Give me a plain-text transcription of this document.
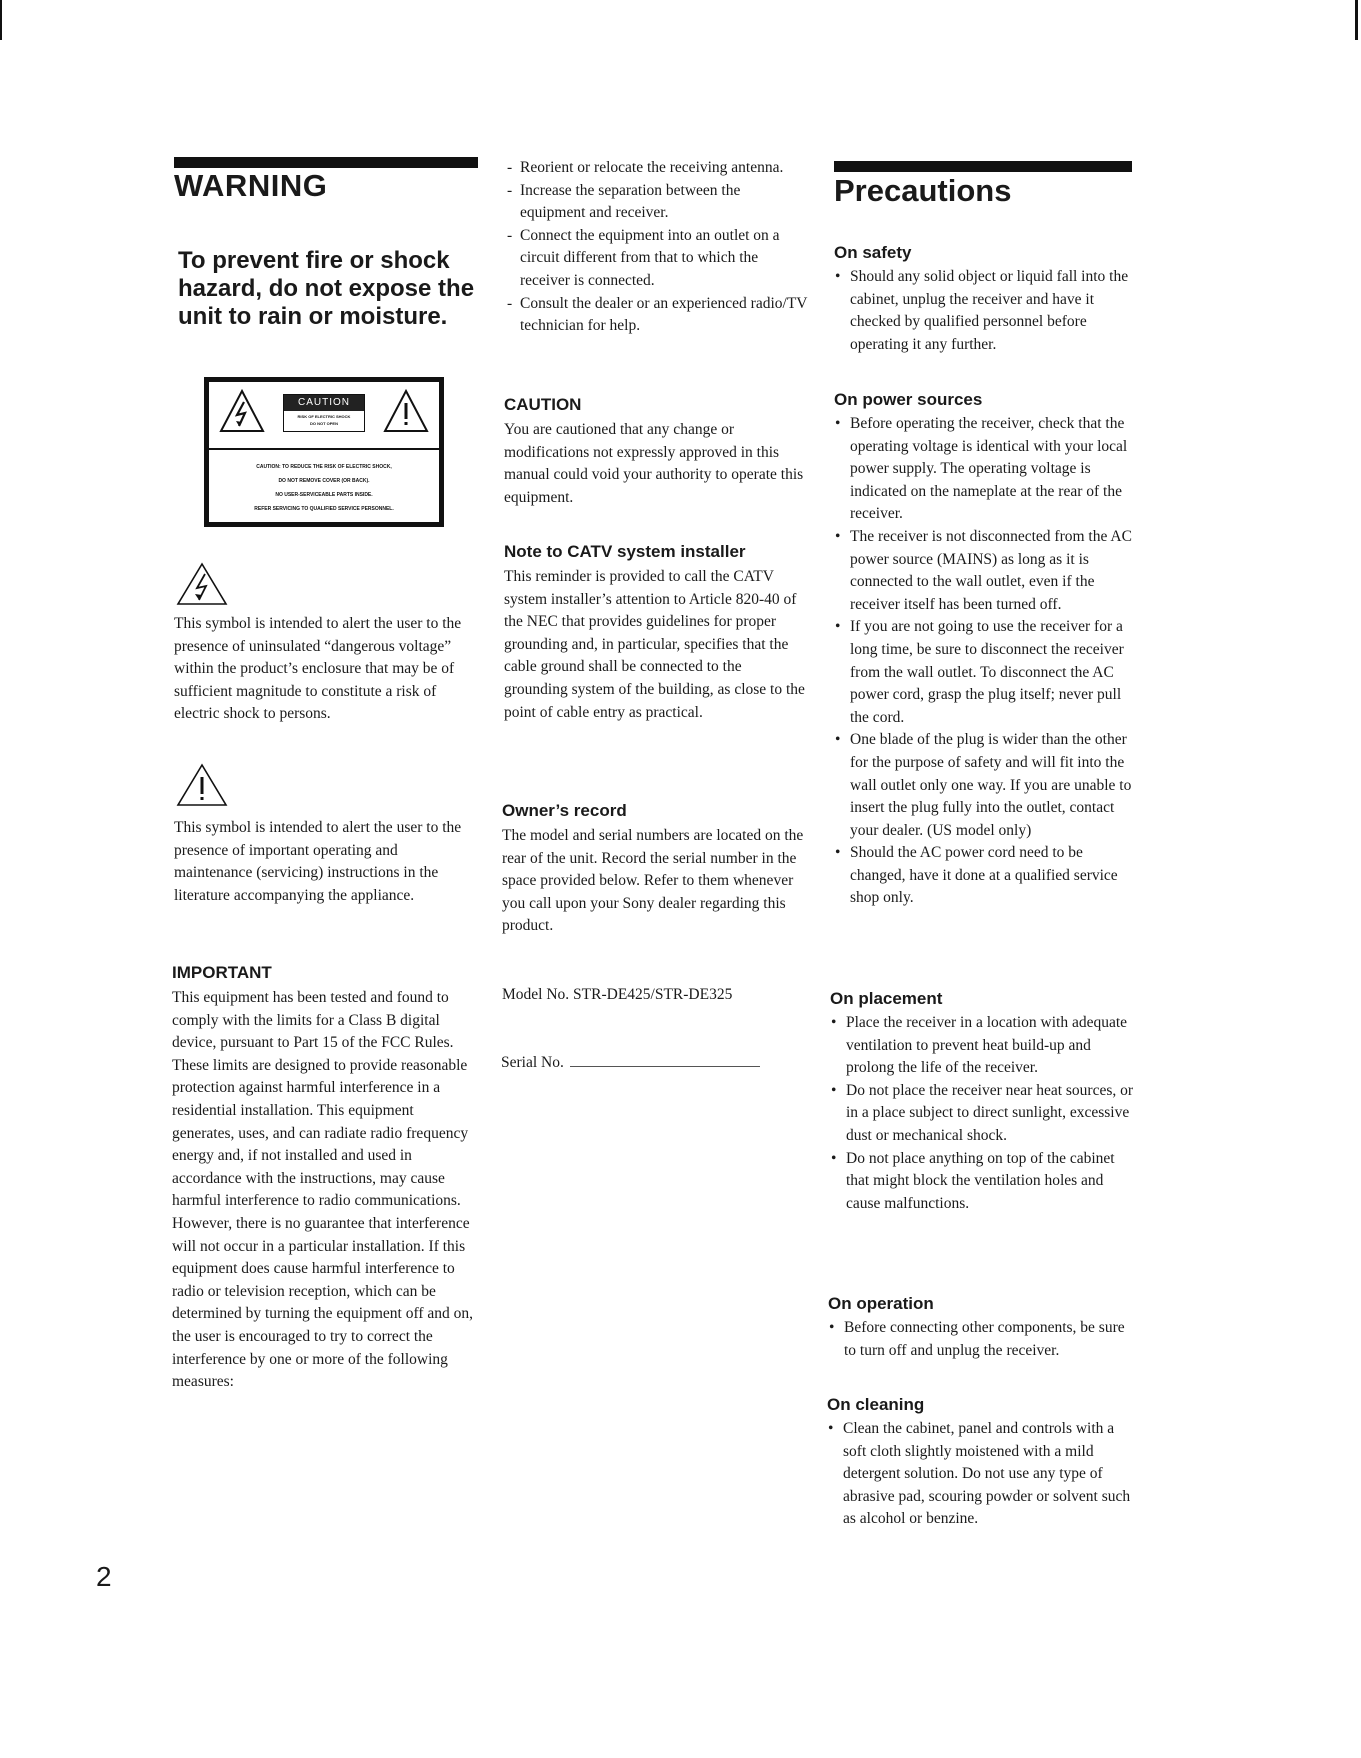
WARNING
To prevent fire or shock hazard, do not expose the unit to rain or moisture.
CAUTION
RISK OF ELECTRIC SHOCK
DO NOT OPEN
CAUTION: TO REDUCE THE RISK OF ELECTRIC SHOCK,
DO NOT REMOVE COVER (OR BACK).
NO USER-SERVICEABLE PARTS INSIDE.
REFER SERVICING TO QUALIFIED SERVICE PERSONNEL.

This symbol is intended to alert the user to the presence of uninsulated “dangerous voltage” within the product’s enclosure that may be of sufficient magnitude to constitute a risk of electric shock to persons.

This symbol is intended to alert the user to the presence of important operating and maintenance (servicing) instructions in the literature accompanying the appliance.

IMPORTANT

This equipment has been tested and found to comply with the limits for a Class B digital device, pursuant to Part 15 of the FCC Rules.

These limits are designed to provide reasonable protection against harmful interference in a residential installation. This equipment generates, uses, and can radiate radio frequency energy and, if not installed and used in accordance with the instructions, may cause harmful interference to radio communications. However, there is no guarantee that interference will not occur in a particular installation. If this equipment does cause harmful interference to radio or television reception, which can be determined by turning the equipment off and on, the user is encouraged to try to correct the interference by one or more of the following measures:

- Reorient or relocate the receiving antenna.
- Increase the separation between the equipment and receiver.
- Connect the equipment into an outlet on a circuit different from that to which the receiver is connected.
- Consult the dealer or an experienced radio/TV technician for help.
CAUTION

You are cautioned that any change or modifications not expressly approved in this manual could void your authority to operate this equipment.

Note to CATV system installer

This reminder is provided to call the CATV system installer’s attention to Article 820-40 of the NEC that provides guidelines for proper grounding and, in particular, specifies that the cable ground shall be connected to the grounding system of the building, as close to the point of cable entry as practical.

Owner’s record

The model and serial numbers are located on the rear of the unit. Record the serial number in the space provided below. Refer to them whenever you call upon your Sony dealer regarding this product.

Model No. STR-DE425/STR-DE325

Serial No.

Precautions
On safety
• Should any solid object or liquid fall into the cabinet, unplug the receiver and have it checked by qualified personnel before operating it any further.
On power sources
• Before operating the receiver, check that the operating voltage is identical with your local power supply. The operating voltage is indicated on the nameplate at the rear of the receiver.
• The receiver is not disconnected from the AC power source (MAINS) as long as it is connected to the wall outlet, even if the receiver itself has been turned off.
• If you are not going to use the receiver for a long time, be sure to disconnect the receiver from the wall outlet. To disconnect the AC power cord, grasp the plug itself; never pull the cord.
• One blade of the plug is wider than the other for the purpose of safety and will fit into the wall outlet only one way. If you are unable to insert the plug fully into the outlet, contact your dealer. (US model only)
• Should the AC power cord need to be changed, have it done at a qualified service shop only.
On placement
• Place the receiver in a location with adequate ventilation to prevent heat build-up and prolong the life of the receiver.
• Do not place the receiver near heat sources, or in a place subject to direct sunlight, excessive dust or mechanical shock.
• Do not place anything on top of the cabinet that might block the ventilation holes and cause malfunctions.
On operation
• Before connecting other components, be sure to turn off and unplug the receiver.
On cleaning
• Clean the cabinet, panel and controls with a soft cloth slightly moistened with a mild detergent solution. Do not use any type of abrasive pad, scouring powder or solvent such as alcohol or benzine.
2
